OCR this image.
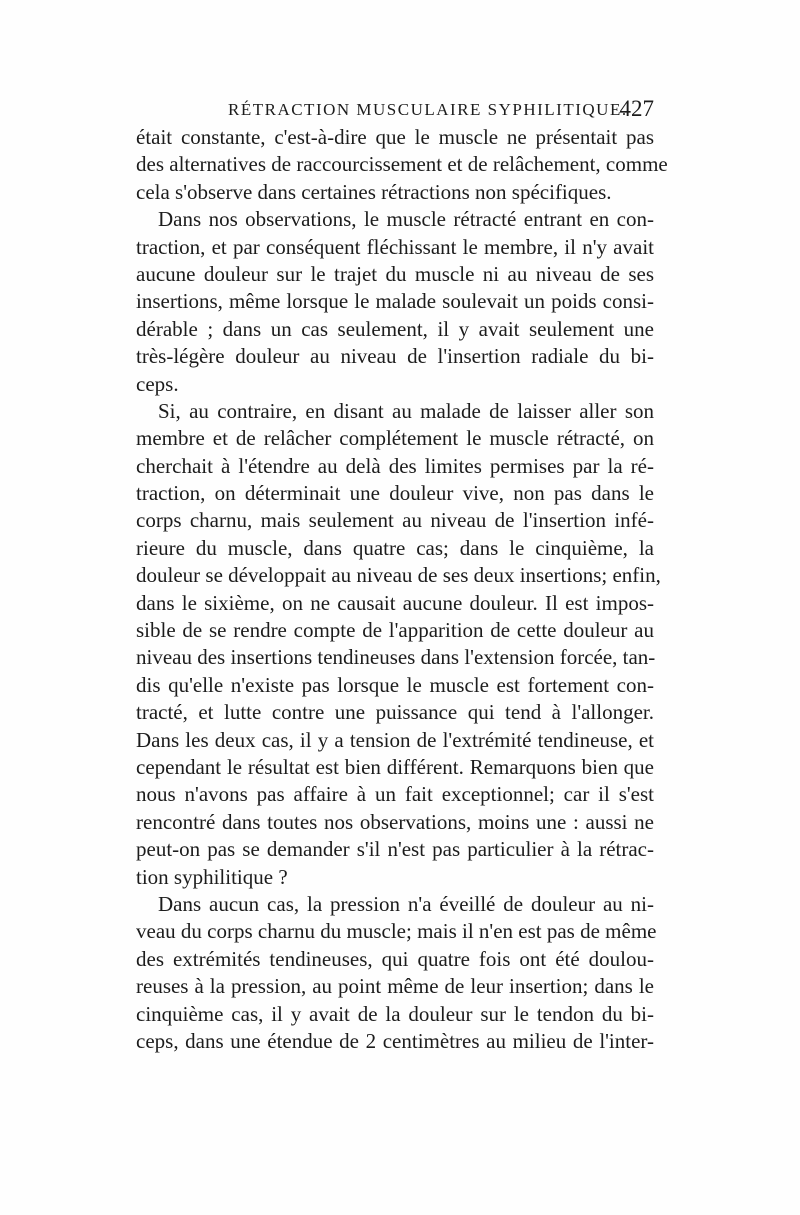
RÉTRACTION MUSCULAIRE SYPHILITIQUE.
427
était constante, c'est-à-dire que le muscle ne présentait pas
des alternatives de raccourcissement et de relâchement, comme
cela s'observe dans certaines rétractions non spécifiques.
Dans nos observations, le muscle rétracté entrant en con-
traction, et par conséquent fléchissant le membre, il n'y avait
aucune douleur sur le trajet du muscle ni au niveau de ses
insertions, même lorsque le malade soulevait un poids consi-
dérable ; dans un cas seulement, il y avait seulement une
très-légère douleur au niveau de l'insertion radiale du bi-
ceps.
Si, au contraire, en disant au malade de laisser aller son
membre et de relâcher complétement le muscle rétracté, on
cherchait à l'étendre au delà des limites permises par la ré-
traction, on déterminait une douleur vive, non pas dans le
corps charnu, mais seulement au niveau de l'insertion infé-
rieure du muscle, dans quatre cas; dans le cinquième, la
douleur se développait au niveau de ses deux insertions; enfin,
dans le sixième, on ne causait aucune douleur. Il est impos-
sible de se rendre compte de l'apparition de cette douleur au
niveau des insertions tendineuses dans l'extension forcée, tan-
dis qu'elle n'existe pas lorsque le muscle est fortement con-
tracté, et lutte contre une puissance qui tend à l'allonger.
Dans les deux cas, il y a tension de l'extrémité tendineuse, et
cependant le résultat est bien différent. Remarquons bien que
nous n'avons pas affaire à un fait exceptionnel; car il s'est
rencontré dans toutes nos observations, moins une : aussi ne
peut-on pas se demander s'il n'est pas particulier à la rétrac-
tion syphilitique ?
Dans aucun cas, la pression n'a éveillé de douleur au ni-
veau du corps charnu du muscle; mais il n'en est pas de même
des extrémités tendineuses, qui quatre fois ont été doulou-
reuses à la pression, au point même de leur insertion; dans le
cinquième cas, il y avait de la douleur sur le tendon du bi-
ceps, dans une étendue de 2 centimètres au milieu de l'inter-
